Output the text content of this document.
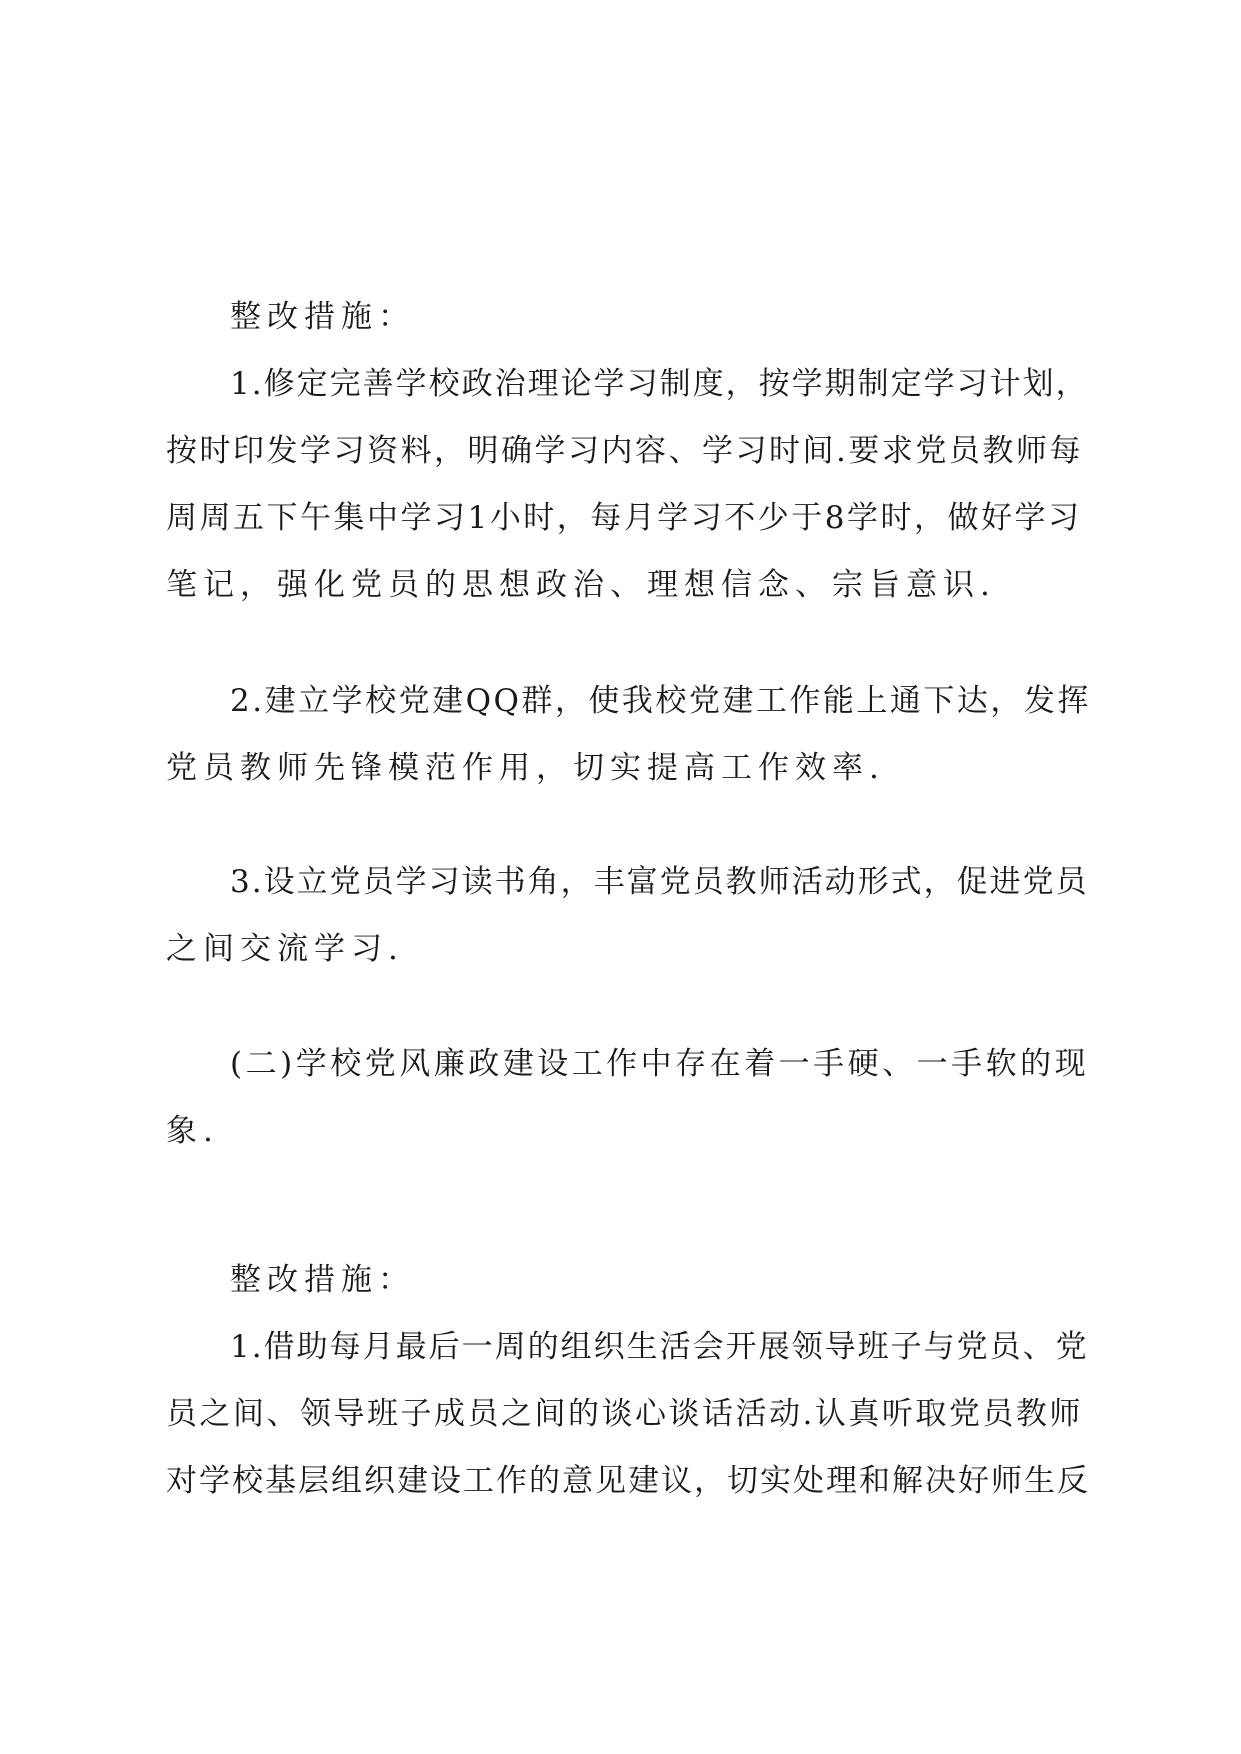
整改措施：
1.修定完善学校政治理论学习制度，按学期制定学习计划，
按时印发学习资料，明确学习内容、学习时间.要求党员教师每
周周五下午集中学习1小时，每月学习不少于8学时，做好学习
笔记，强化党员的思想政治、理想信念、宗旨意识.
2.建立学校党建QQ群，使我校党建工作能上通下达，发挥
党员教师先锋模范作用，切实提高工作效率.
3.设立党员学习读书角，丰富党员教师活动形式，促进党员
之间交流学习.
(二)学校党风廉政建设工作中存在着一手硬、一手软的现
象.
整改措施：
1.借助每月最后一周的组织生活会开展领导班子与党员、党
员之间、领导班子成员之间的谈心谈话活动.认真听取党员教师
对学校基层组织建设工作的意见建议，切实处理和解决好师生反
